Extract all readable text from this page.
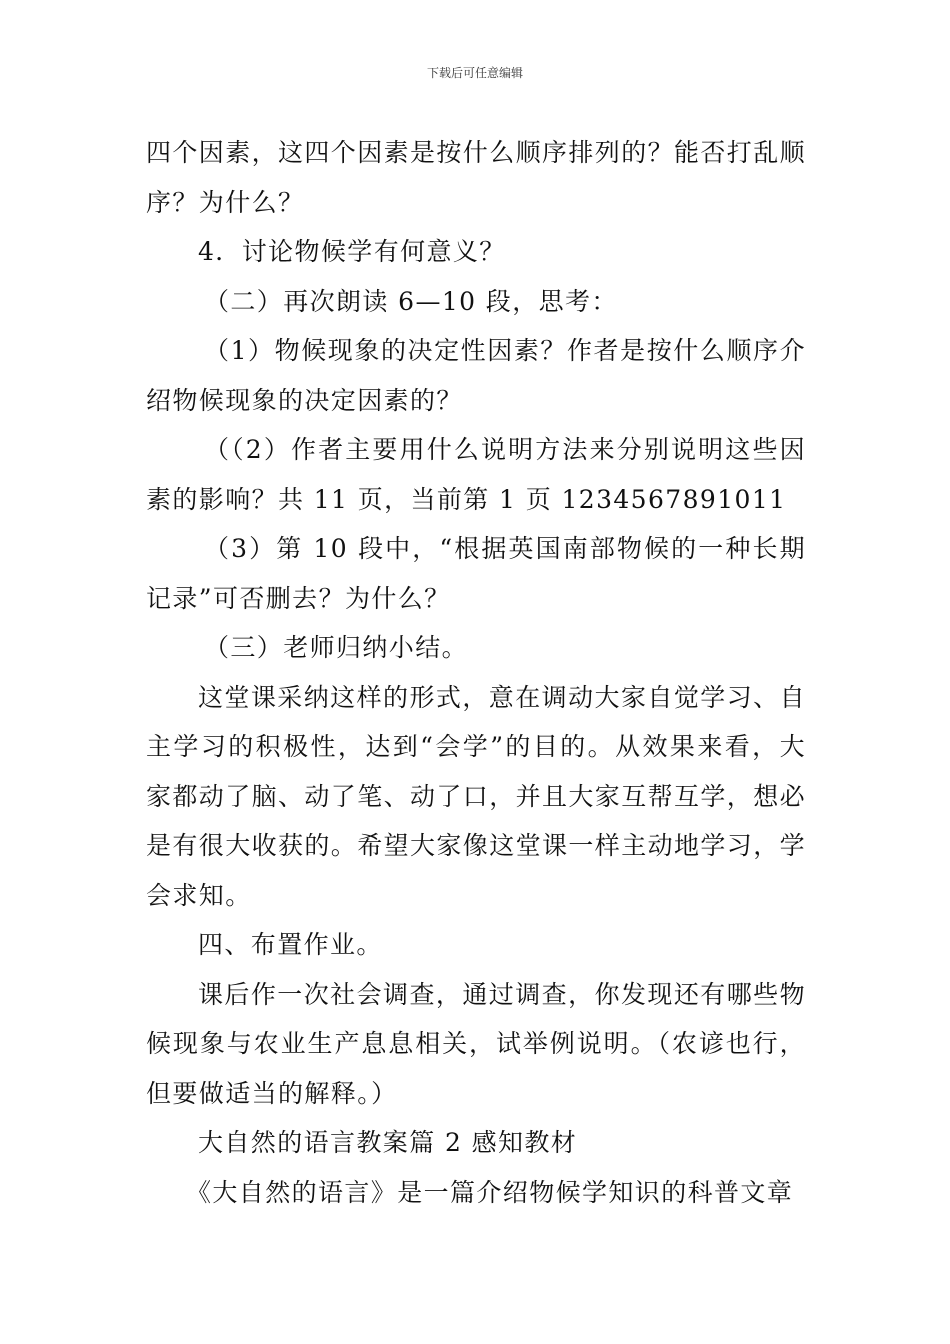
下载后可任意编辑

四个因素，这四个因素是按什么顺序排列的？能否打乱顺序？为什么？

4．讨论物候学有何意义？

（二）再次朗读 6—10 段，思考：

（1）物候现象的决定性因素？作者是按什么顺序介绍物候现象的决定因素的？

（（2）作者主要用什么说明方法来分别说明这些因素的影响？共 11 页，当前第 1 页 1234567891011

（3）第 10 段中，“根据英国南部物候的一种长期记录”可否删去？为什么？

（三）老师归纳小结。

这堂课采纳这样的形式，意在调动大家自觉学习、自主学习的积极性，达到“会学”的目的。从效果来看，大家都动了脑、动了笔、动了口，并且大家互帮互学，想必是有很大收获的。希望大家像这堂课一样主动地学习，学会求知。

四、布置作业。

课后作一次社会调查，通过调查，你发现还有哪些物候现象与农业生产息息相关，试举例说明。（农谚也行，但要做适当的解释。）

大自然的语言教案篇 2 感知教材

《大自然的语言》是一篇介绍物候学知识的科普文章
